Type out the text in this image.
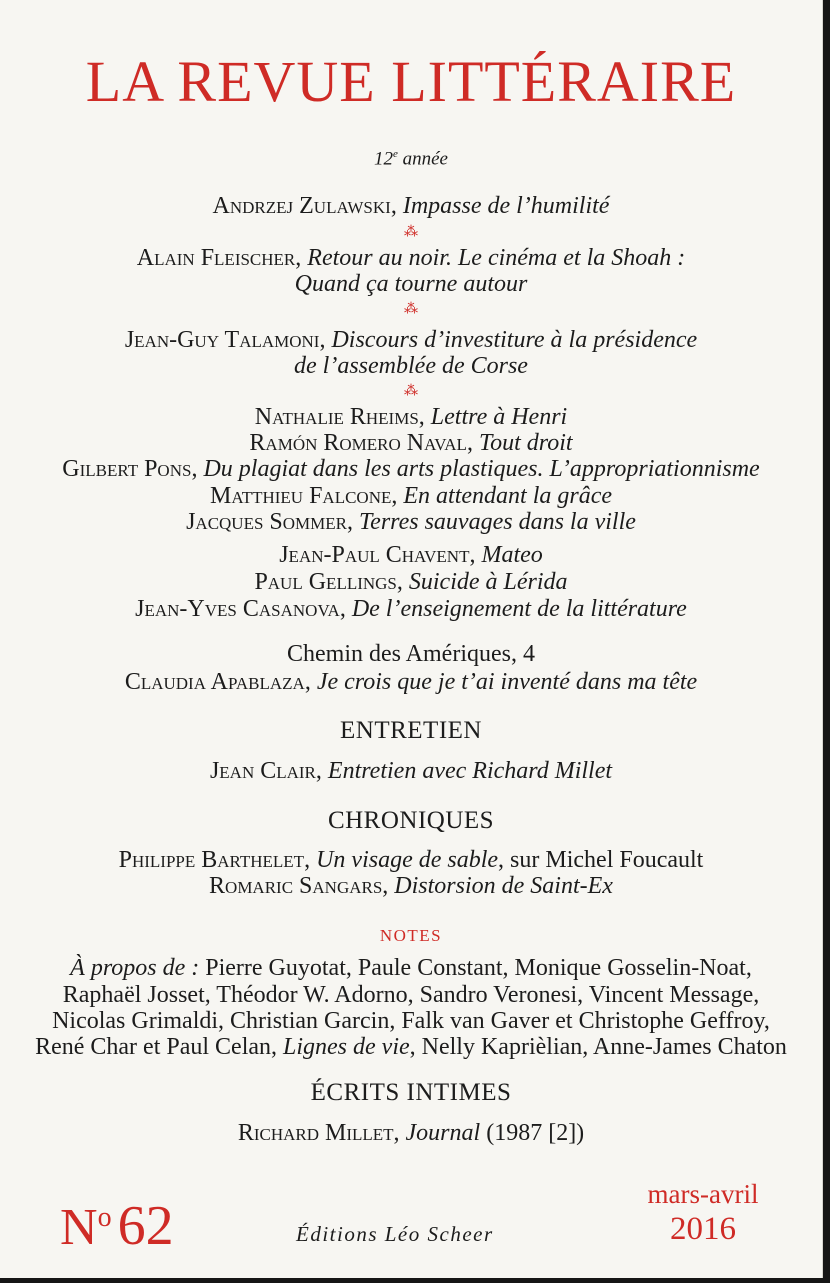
LA REVUE LITTÉRAIRE
12e année
Andrzej Zulawski, Impasse de l’humilité
⁂
Alain Fleischer, Retour au noir. Le cinéma et la Shoah :
Quand ça tourne autour
⁂
Jean-Guy Talamoni, Discours d’investiture à la présidence
de l’assemblée de Corse
⁂
Nathalie Rheims, Lettre à Henri
Ramón Romero Naval, Tout droit
Gilbert Pons, Du plagiat dans les arts plastiques. L’appropriationnisme
Matthieu Falcone, En attendant la grâce
Jacques Sommer, Terres sauvages dans la ville
Jean-Paul Chavent, Mateo
Paul Gellings, Suicide à Lérida
Jean-Yves Casanova, De l’enseignement de la littérature
Chemin des Amériques, 4
Claudia Apablaza, Je crois que je t’ai inventé dans ma tête
ENTRETIEN
Jean Clair, Entretien avec Richard Millet
CHRONIQUES
Philippe Barthelet, Un visage de sable, sur Michel Foucault
Romaric Sangars, Distorsion de Saint-Ex
NOTES
À propos de : Pierre Guyotat, Paule Constant, Monique Gosselin-Noat,
Raphaël Josset, Théodor W. Adorno, Sandro Veronesi, Vincent Message,
Nicolas Grimaldi, Christian Garcin, Falk van Gaver et Christophe Geffroy,
René Char et Paul Celan, Lignes de vie, Nelly Kaprièlian, Anne-James Chaton
ÉCRITS INTIMES
Richard Millet, Journal (1987 [2])
$N^o$ 62	Éditions Léo Scheer
mars-avril
2016
